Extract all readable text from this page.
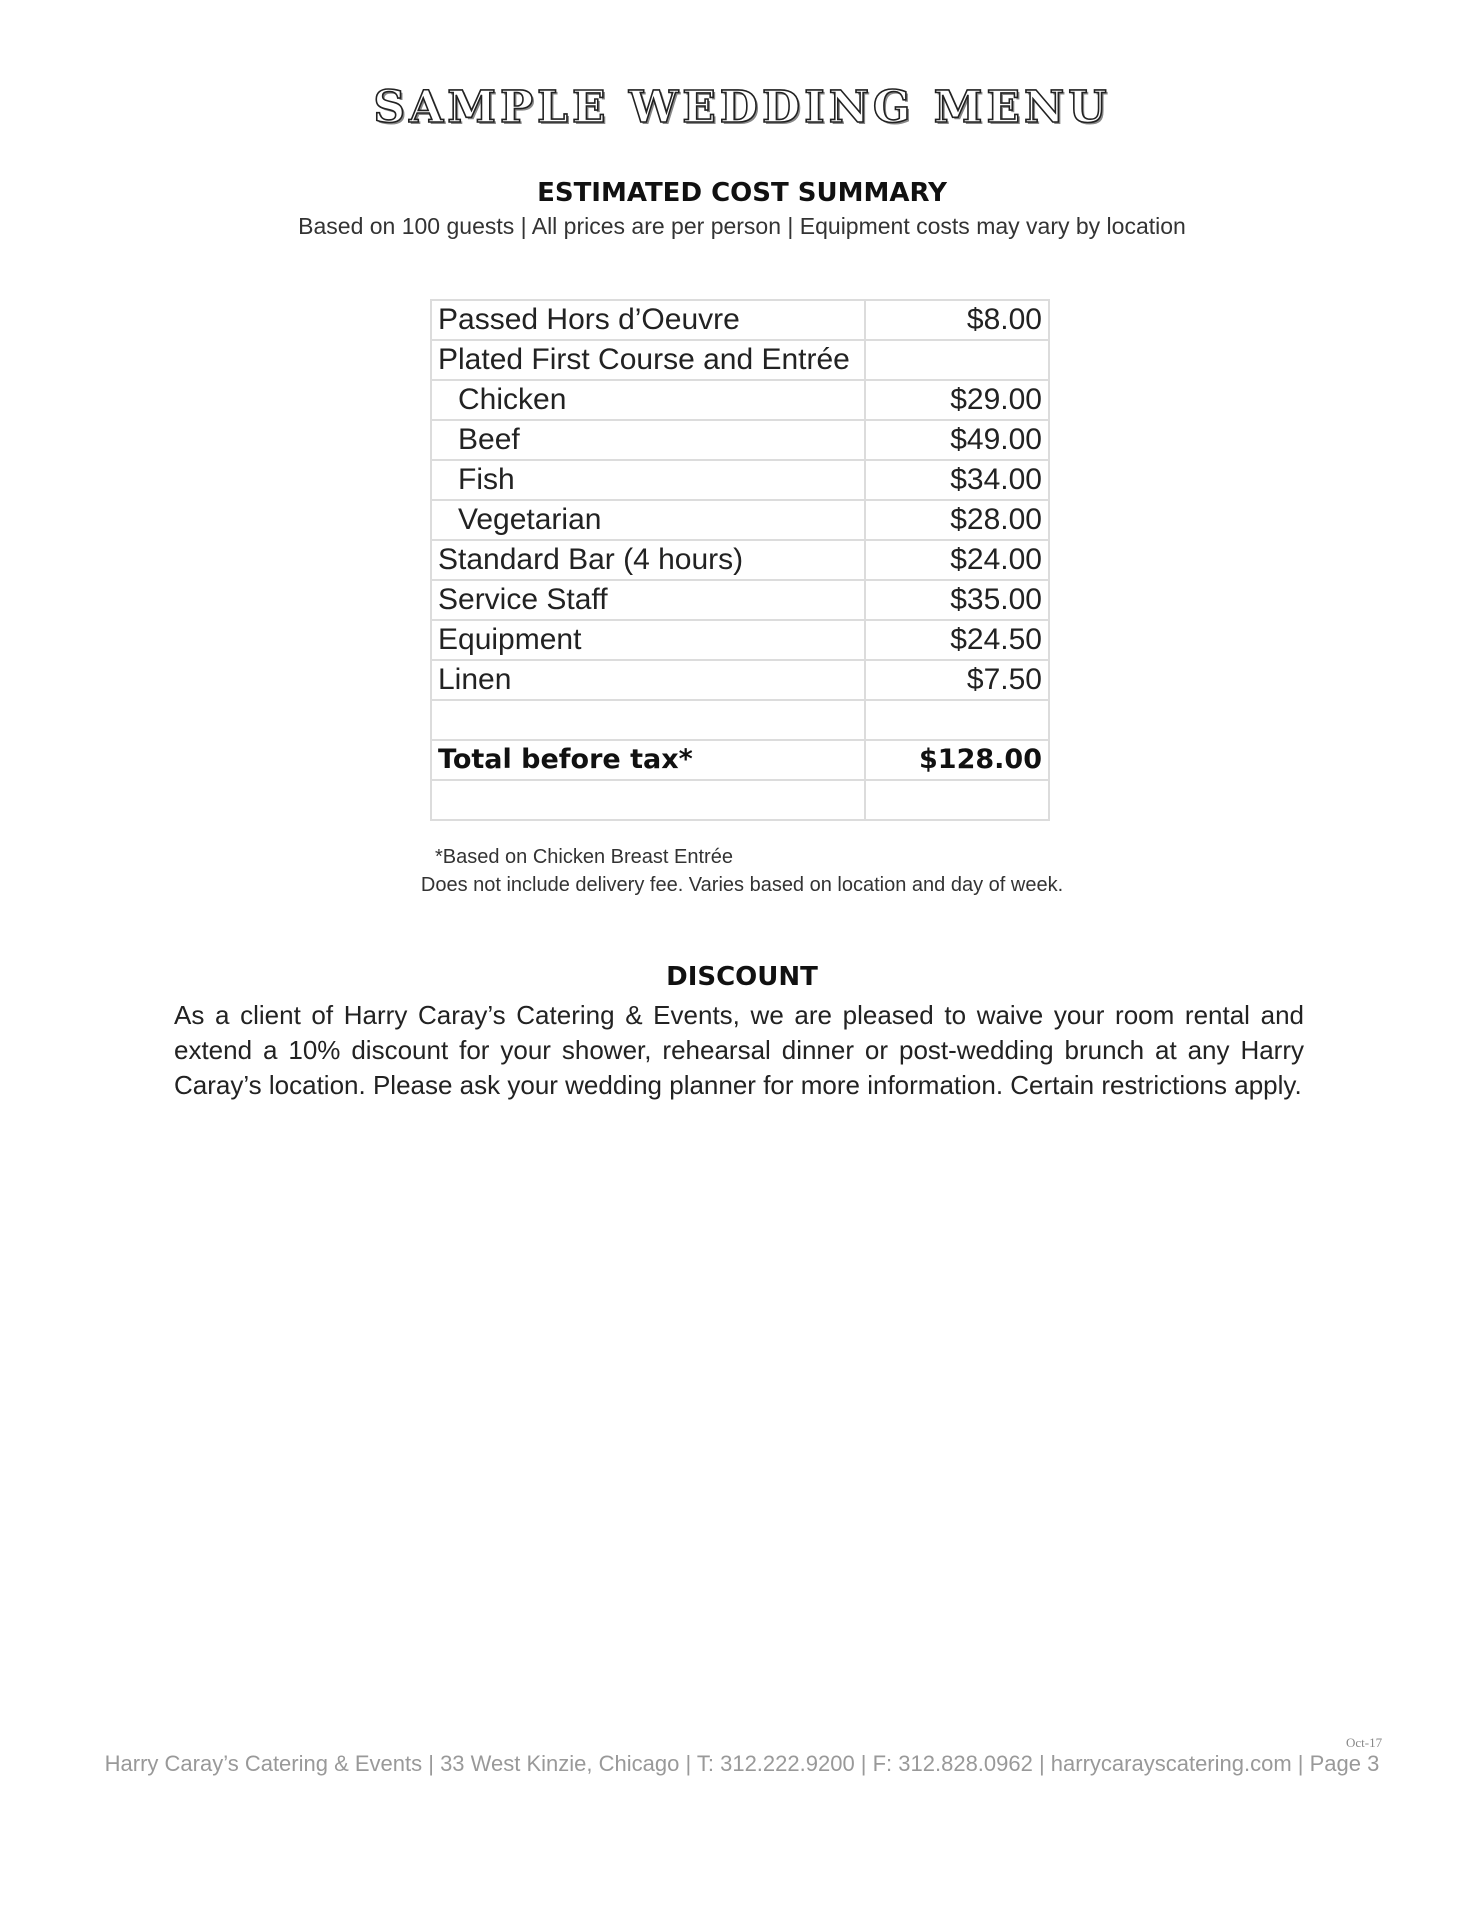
SAMPLE WEDDING MENU
ESTIMATED COST SUMMARY
Based on 100 guests | All prices are per person | Equipment costs may vary by location
Passed Hors d’Oeuvre	$8.00
Plated First Course and Entrée	
Chicken	$29.00
Beef	$49.00
Fish	$34.00
Vegetarian	$28.00
Standard Bar (4 hours)	$24.00
Service Staff	$35.00
Equipment	$24.50
Linen	$7.50

Total before tax*	$128.00

*Based on Chicken Breast Entrée
Does not include delivery fee. Varies based on location and day of week.
DISCOUNT
As a client of Harry Caray’s Catering & Events, we are pleased to waive your room rental and extend a 10% discount for your shower, rehearsal dinner or post-wedding brunch at any Harry Caray’s location. Please ask your wedding planner for more information. Certain restrictions apply.
Oct-17
Harry Caray’s Catering & Events | 33 West Kinzie, Chicago | T: 312.222.9200 | F: 312.828.0962 | harrycarayscatering.com | Page 3
